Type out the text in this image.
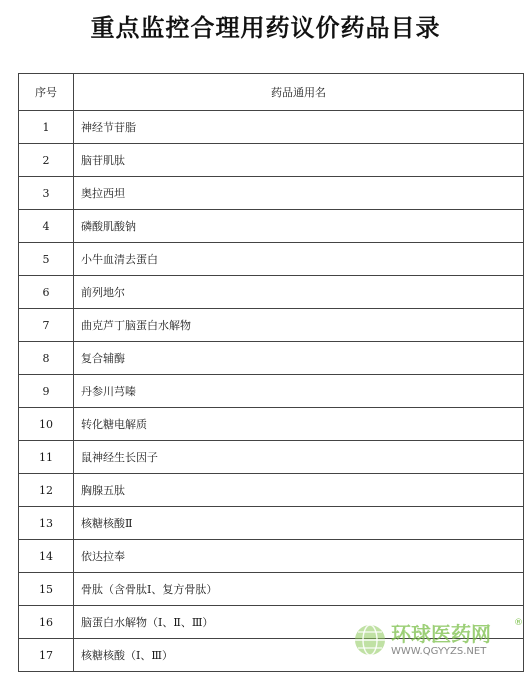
重点监控合理用药议价药品目录
序号	药品通用名
1	神经节苷脂
2	脑苷肌肽
3	奥拉西坦
4	磷酸肌酸钠
5	小牛血清去蛋白
6	前列地尔
7	曲克芦丁脑蛋白水解物
8	复合辅酶
9	丹参川芎嗪
10	转化糖电解质
11	鼠神经生长因子
12	胸腺五肽
13	核糖核酸Ⅱ
14	依达拉奉
15	骨肽（含骨肽Ⅰ、复方骨肽）
16	脑蛋白水解物（Ⅰ、Ⅱ、Ⅲ）
17	核糖核酸（Ⅰ、Ⅲ）
环球医药网
WWW.QGYYZS.NET
®
